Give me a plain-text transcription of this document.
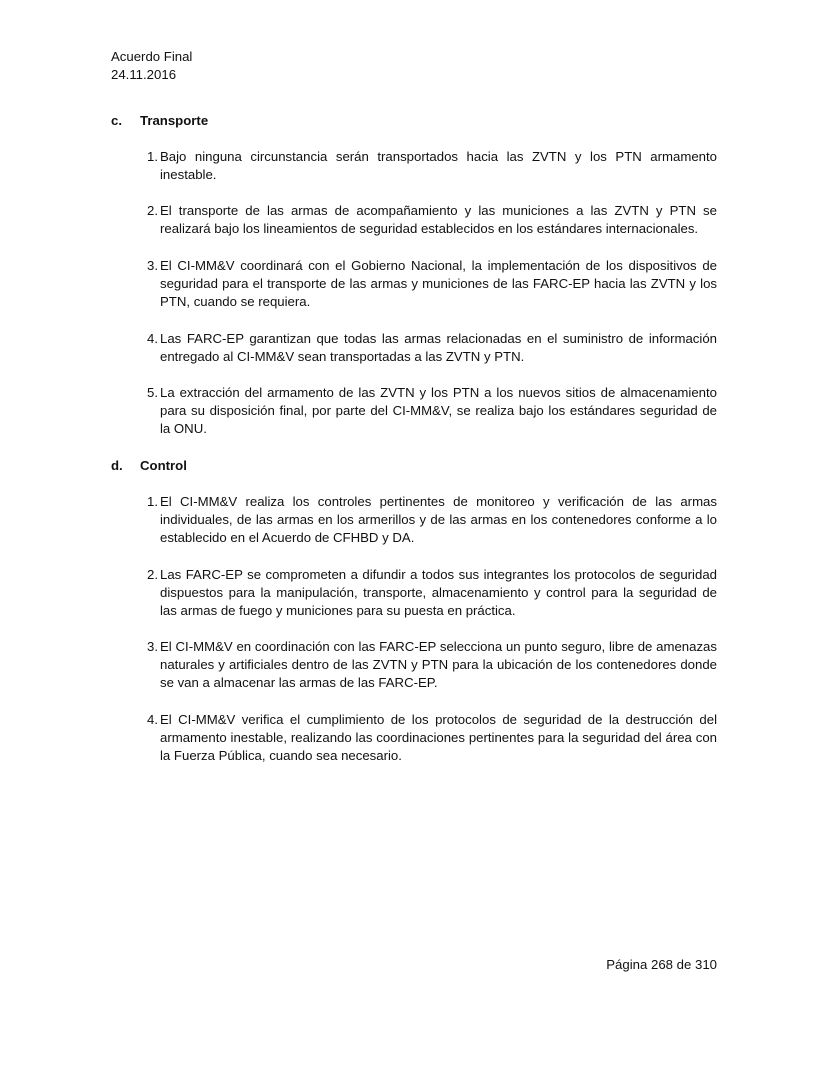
Acuerdo Final
24.11.2016
c. Transporte
1. Bajo ninguna circunstancia serán transportados hacia las ZVTN y los PTN armamento inestable.
2. El transporte de las armas de acompañamiento y las municiones a las ZVTN y PTN se realizará bajo los lineamientos de seguridad establecidos en los estándares internacionales.
3. El CI-MM&V coordinará con el Gobierno Nacional, la implementación de los dispositivos de seguridad para el transporte de las armas y municiones de las FARC-EP hacia las ZVTN y los PTN, cuando se requiera.
4. Las FARC-EP garantizan que todas las armas relacionadas en el suministro de información entregado al CI-MM&V sean transportadas a las ZVTN y PTN.
5. La extracción del armamento de las ZVTN y los PTN a los nuevos sitios de almacenamiento para su disposición final, por parte del CI-MM&V, se realiza bajo los estándares seguridad de la ONU.
d. Control
1. El CI-MM&V realiza los controles pertinentes de monitoreo y verificación de las armas individuales, de las armas en los armerillos y de las armas en los contenedores conforme a lo establecido en el Acuerdo de CFHBD y DA.
2. Las FARC-EP se comprometen a difundir a todos sus integrantes los protocolos de seguridad dispuestos para la manipulación, transporte, almacenamiento y control para la seguridad de las armas de fuego y municiones para su puesta en práctica.
3. El CI-MM&V en coordinación con las FARC-EP selecciona un punto seguro, libre de amenazas naturales y artificiales dentro de las ZVTN y PTN para la ubicación de los contenedores donde se van a almacenar las armas de las FARC-EP.
4. El CI-MM&V verifica el cumplimiento de los protocolos de seguridad de la destrucción del armamento inestable, realizando las coordinaciones pertinentes para la seguridad del área con la Fuerza Pública, cuando sea necesario.
Página 268 de 310
